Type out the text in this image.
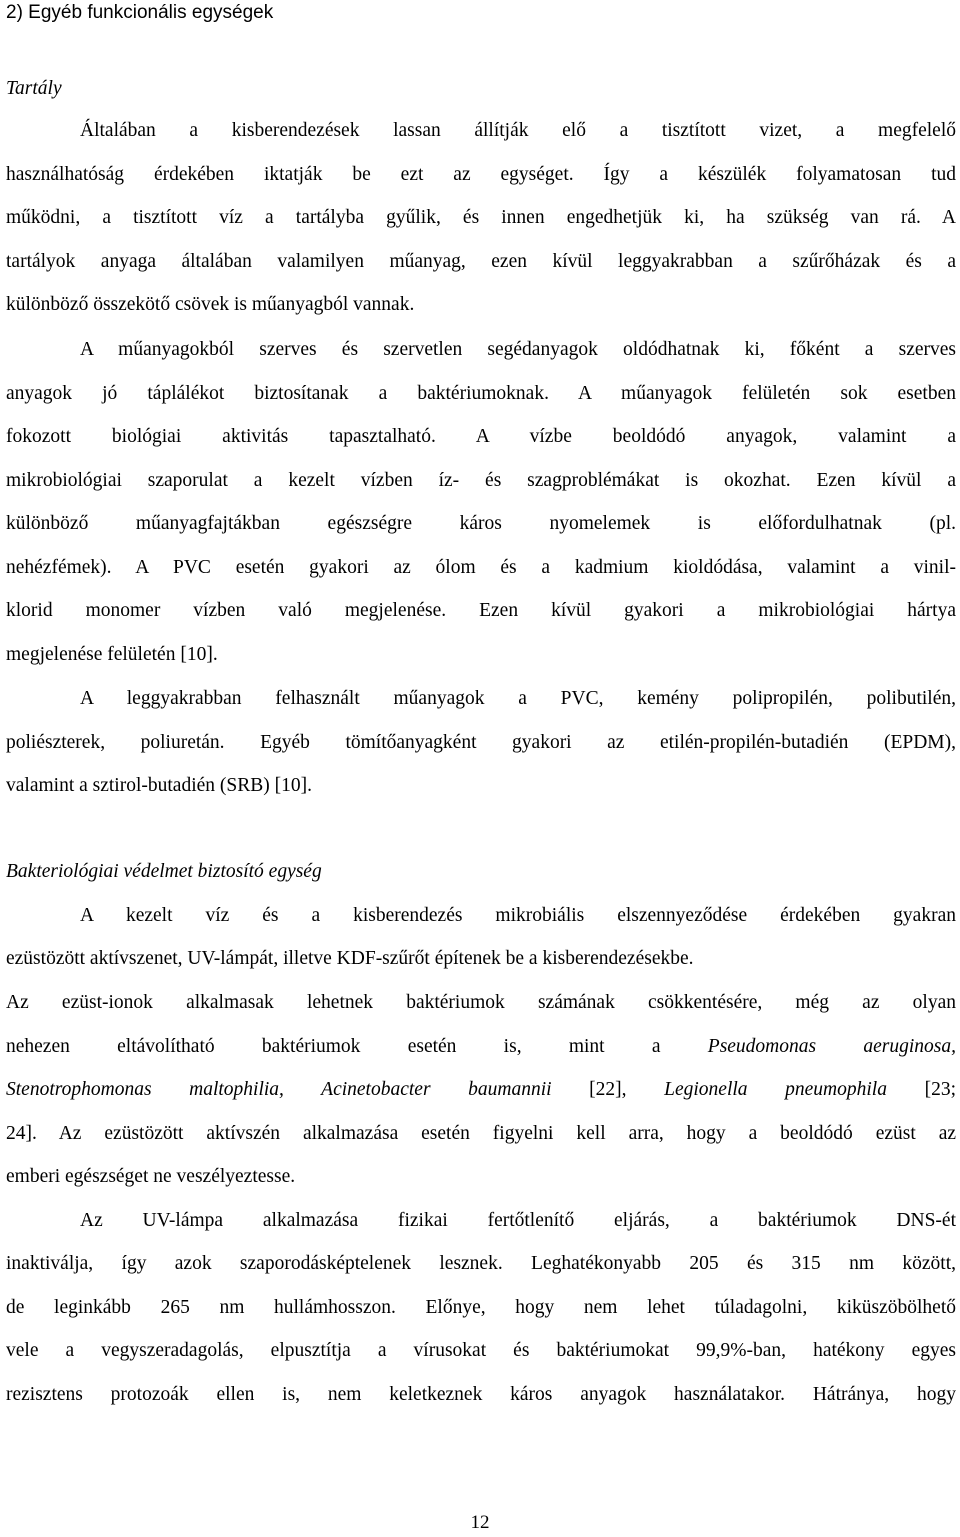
2) Egyéb funkcionális egységek
Tartály
Általában a kisberendezések lassan állítják elő a tisztított vizet, a megfelelő
használhatóság érdekében iktatják be ezt az egységet. Így a készülék folyamatosan tud
működni, a tisztított víz a tartályba gyűlik, és innen engedhetjük ki, ha szükség van rá. A
tartályok anyaga általában valamilyen műanyag, ezen kívül leggyakrabban a szűrőházak és a
különböző összekötő csövek is műanyagból vannak.
A műanyagokból szerves és szervetlen segédanyagok oldódhatnak ki, főként a szerves
anyagok jó táplálékot biztosítanak a baktériumoknak. A műanyagok felületén sok esetben
fokozott biológiai aktivitás tapasztalható. A vízbe beoldódó anyagok, valamint a
mikrobiológiai szaporulat a kezelt vízben íz- és szagproblémákat is okozhat. Ezen kívül a
különböző műanyagfajtákban egészségre káros nyomelemek is előfordulhatnak (pl.
nehézfémek). A PVC esetén gyakori az ólom és a kadmium kioldódása, valamint a vinil-
klorid monomer vízben való megjelenése. Ezen kívül gyakori a mikrobiológiai hártya
megjelenése felületén [10].
A leggyakrabban felhasznált műanyagok a PVC, kemény polipropilén, polibutilén,
poliészterek, poliuretán. Egyéb tömítőanyagként gyakori az etilén-propilén-butadién (EPDM),
valamint a sztirol-butadién (SRB) [10].
Bakteriológiai védelmet biztosító egység
A kezelt víz és a kisberendezés mikrobiális elszennyeződése érdekében gyakran
ezüstözött aktívszenet, UV-lámpát, illetve KDF-szűrőt építenek be a kisberendezésekbe.
Az ezüst-ionok alkalmasak lehetnek baktériumok számának csökkentésére, még az olyan
nehezen eltávolítható baktériumok esetén is, mint a Pseudomonas aeruginosa,
Stenotrophomonas maltophilia, Acinetobacter baumannii [22], Legionella pneumophila [23;
24]. Az ezüstözött aktívszén alkalmazása esetén figyelni kell arra, hogy a beoldódó ezüst az
emberi egészséget ne veszélyeztesse.
Az UV-lámpa alkalmazása fizikai fertőtlenítő eljárás, a baktériumok DNS-ét
inaktiválja, így azok szaporodásképtelenek lesznek. Leghatékonyabb 205 és 315 nm között,
de leginkább 265 nm hullámhosszon. Előnye, hogy nem lehet túladagolni, kiküszöbölhető
vele a vegyszeradagolás, elpusztítja a vírusokat és baktériumokat 99,9%-ban, hatékony egyes
rezisztens protozoák ellen is, nem keletkeznek káros anyagok használatakor. Hátránya, hogy
12
